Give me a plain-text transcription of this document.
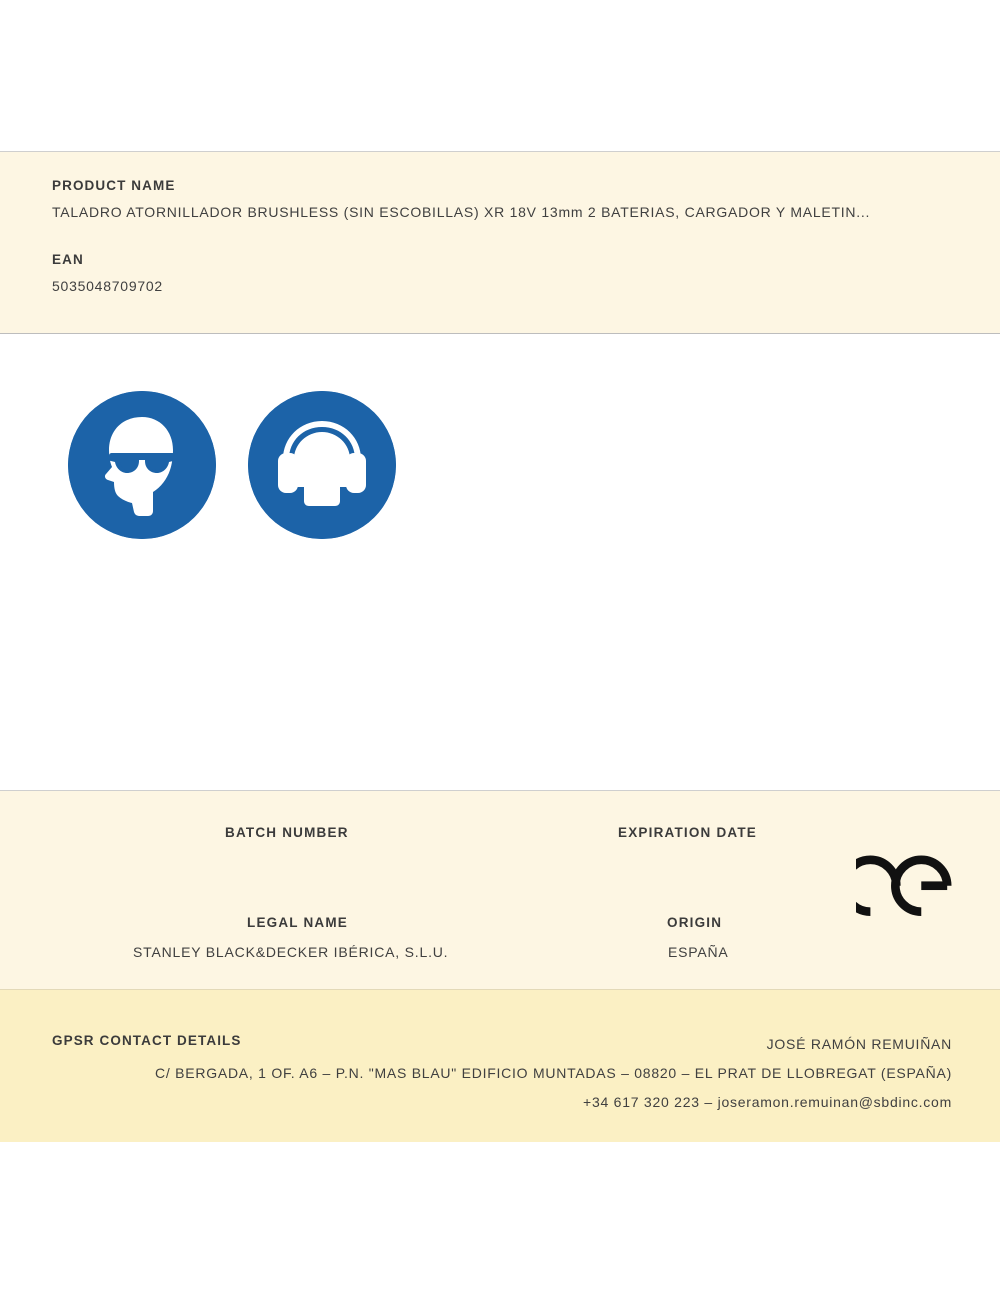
PRODUCT NAME
TALADRO ATORNILLADOR BRUSHLESS (SIN ESCOBILLAS) XR 18V 13mm 2 BATERIAS, CARGADOR Y MALETIN...
EAN
5035048709702
BATCH NUMBER	EXPIRATION DATE
LEGAL NAME
STANLEY BLACK&DECKER IBÉRICA, S.L.U.
ORIGIN
ESPAÑA
GPSR CONTACT DETAILS	JOSÉ RAMÓN REMUIÑAN
C/ BERGADA, 1 OF. A6 – P.N. "MAS BLAU" EDIFICIO MUNTADAS – 08820 – EL PRAT DE LLOBREGAT (ESPAÑA)
+34 617 320 223 – joseramon.remuinan@sbdinc.com
